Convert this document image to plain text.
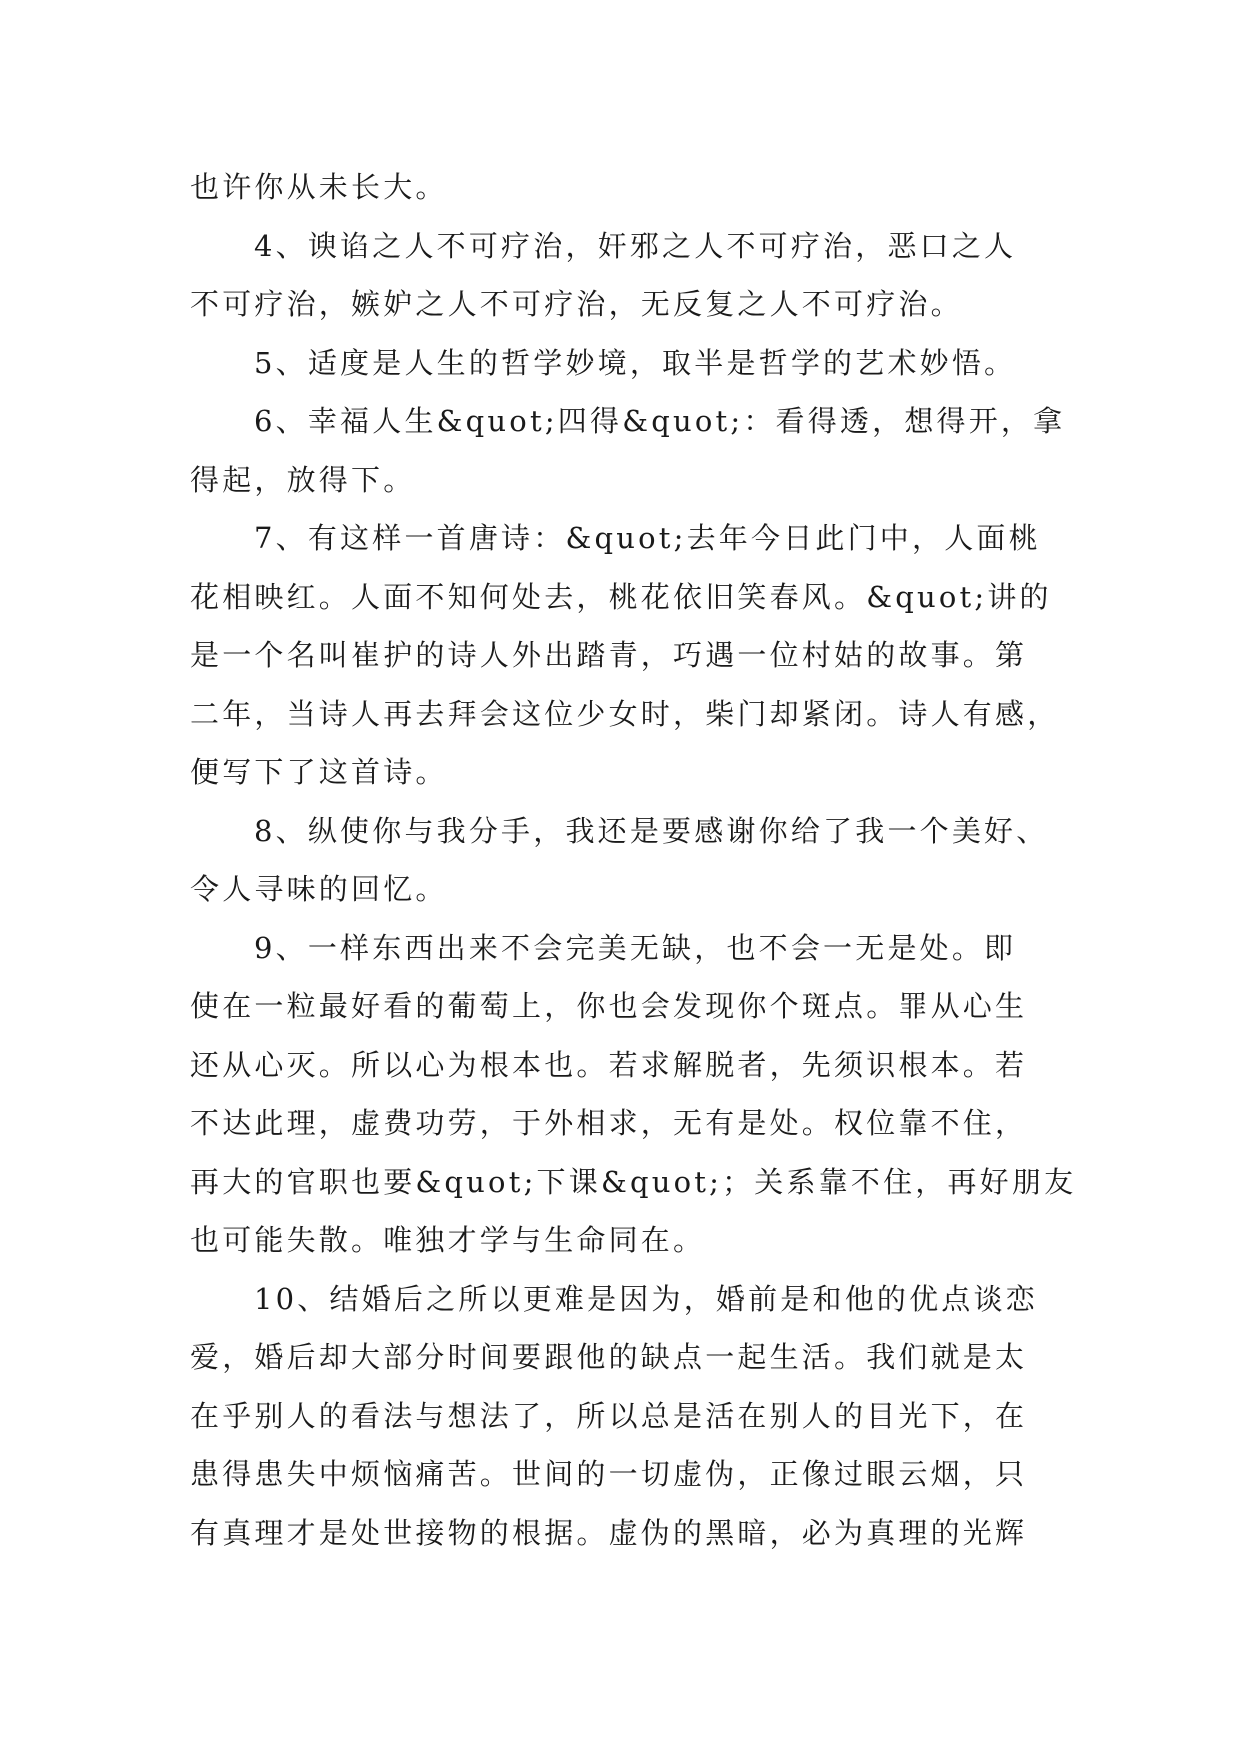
也许你从未长大。

4、谀谄之人不可疗治，奸邪之人不可疗治，恶口之人
不可疗治，嫉妒之人不可疗治，无反复之人不可疗治。

5、适度是人生的哲学妙境，取半是哲学的艺术妙悟。

6、幸福人生&quot;四得&quot;：看得透，想得开，拿
得起，放得下。

7、有这样一首唐诗：&quot;去年今日此门中，人面桃
花相映红。人面不知何处去，桃花依旧笑春风。&quot;讲的
是一个名叫崔护的诗人外出踏青，巧遇一位村姑的故事。第
二年，当诗人再去拜会这位少女时，柴门却紧闭。诗人有感，
便写下了这首诗。

8、纵使你与我分手，我还是要感谢你给了我一个美好、
令人寻味的回忆。

9、一样东西出来不会完美无缺，也不会一无是处。即
使在一粒最好看的葡萄上，你也会发现你个斑点。罪从心生
还从心灭。所以心为根本也。若求解脱者，先须识根本。若
不达此理，虚费功劳，于外相求，无有是处。权位靠不住，
再大的官职也要&quot;下课&quot;；关系靠不住，再好朋友
也可能失散。唯独才学与生命同在。

10、结婚后之所以更难是因为，婚前是和他的优点谈恋
爱，婚后却大部分时间要跟他的缺点一起生活。我们就是太
在乎别人的看法与想法了，所以总是活在别人的目光下，在
患得患失中烦恼痛苦。世间的一切虚伪，正像过眼云烟，只
有真理才是处世接物的根据。虚伪的黑暗，必为真理的光辉
